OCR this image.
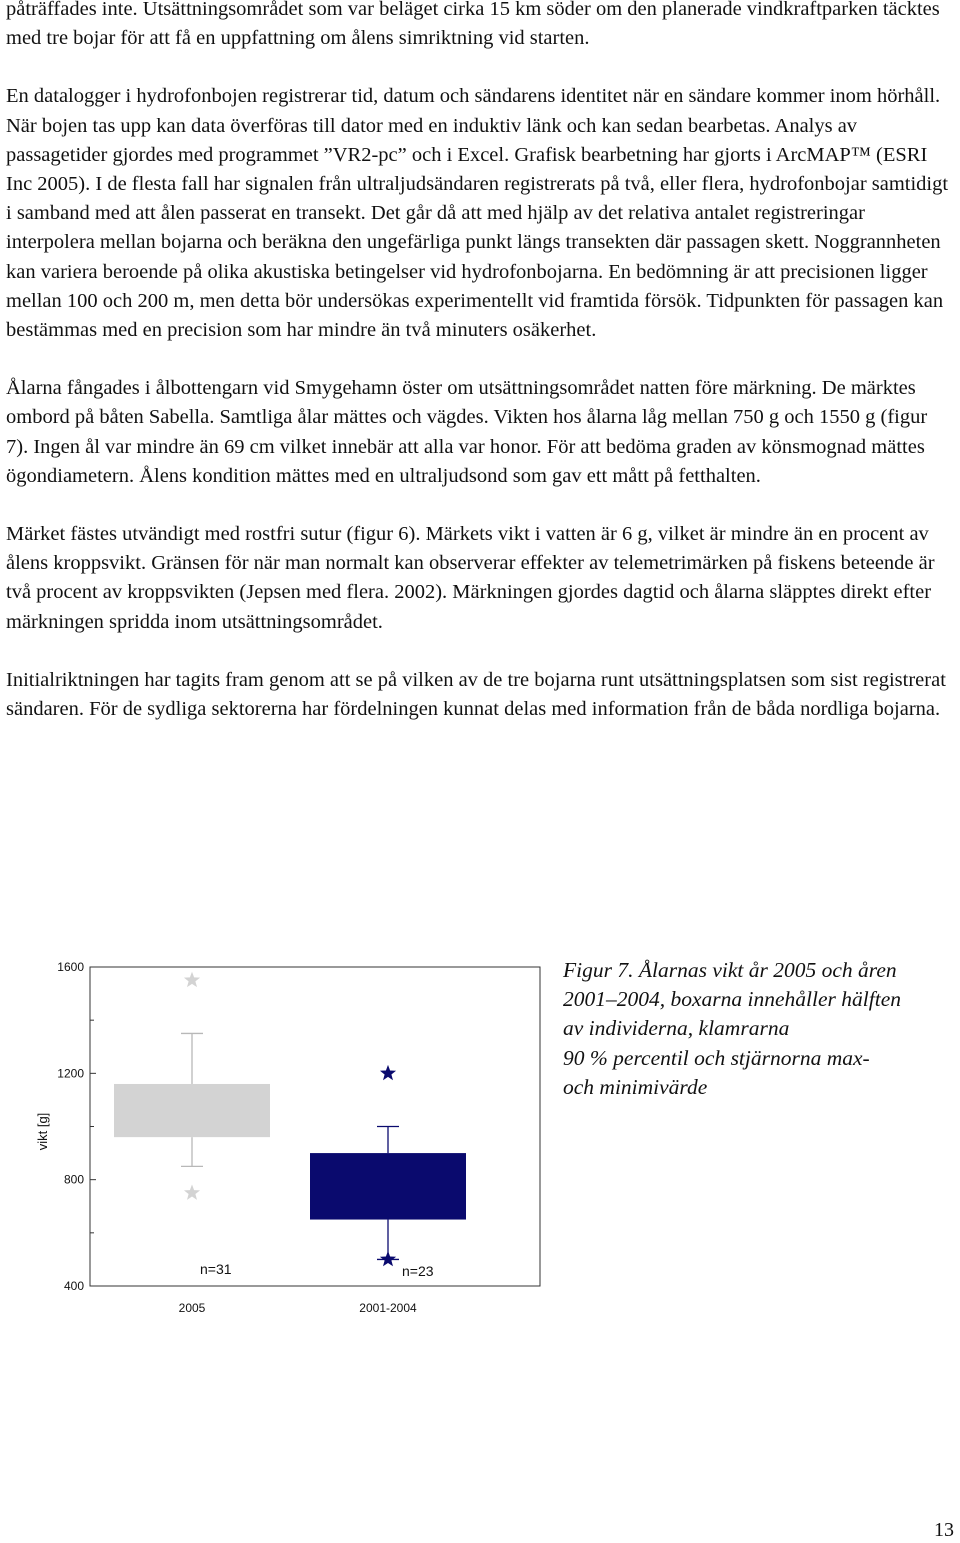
påträffades inte. Utsättningsområdet som var beläget cirka 15 km söder om den planerade vindkraftparken täcktes med tre bojar för att få en uppfattning om ålens simriktning vid starten.

En datalogger i hydrofonbojen registrerar tid, datum och sändarens identitet när en sändare kommer inom hörhåll. När bojen tas upp kan data överföras till dator med en induktiv länk och kan sedan bearbetas. Analys av passagetider gjordes med programmet ”VR2-pc” och i Excel. Grafisk bearbetning har gjorts i ArcMAP™ (ESRI Inc 2005). I de flesta fall har signalen från ultraljudsändaren registrerats på två, eller flera, hydrofonbojar samtidigt i samband med att ålen passerat en transekt. Det går då att med hjälp av det relativa antalet registreringar interpolera mellan bojarna och beräkna den ungefärliga punkt längs transekten där passagen skett. Noggrannheten kan variera beroende på olika akustiska betingelser vid hydrofonbojarna. En bedömning är att precisionen ligger mellan 100 och 200 m, men detta bör undersökas experimentellt vid framtida försök. Tidpunkten för passagen kan bestämmas med en precision som har mindre än två minuters osäkerhet.

Ålarna fångades i ålbottengarn vid Smygehamn öster om utsättningsområdet natten före märkning. De märktes ombord på båten Sabella. Samtliga ålar mättes och vägdes. Vikten hos ålarna låg mellan 750 g och 1550 g (figur 7). Ingen ål var mindre än 69 cm vilket innebär att alla var honor. För att bedöma graden av könsmognad mättes ögondiametern. Ålens kondition mättes med en ultraljudsond som gav ett mått på fetthalten.

Märket fästes utvändigt med rostfri sutur (figur 6). Märkets vikt i vatten är 6 g, vilket är mindre än en procent av ålens kroppsvikt. Gränsen för när man normalt kan observerar effekter av telemetrimärken på fiskens beteende är två procent av kroppsvikten (Jepsen med flera. 2002). Märkningen gjordes dagtid och ålarna släpptes direkt efter märkningen spridda inom utsättningsområdet.

Initialriktningen har tagits fram genom att se på vilken av de tre bojarna runt utsättningsplatsen som sist registrerat sändaren. För de sydliga sektorerna har fördelningen kunnat delas med information från de båda nordliga bojarna.

400
800
1200
1600
vikt [g]
2005	2001-2004
n=31	n=23
Figur 7. Ålarnas vikt år 2005 och åren
2001–2004, boxarna innehåller hälften
av individerna, klamrarna
90 % percentil och stjärnorna max-
och minimivärde
13
